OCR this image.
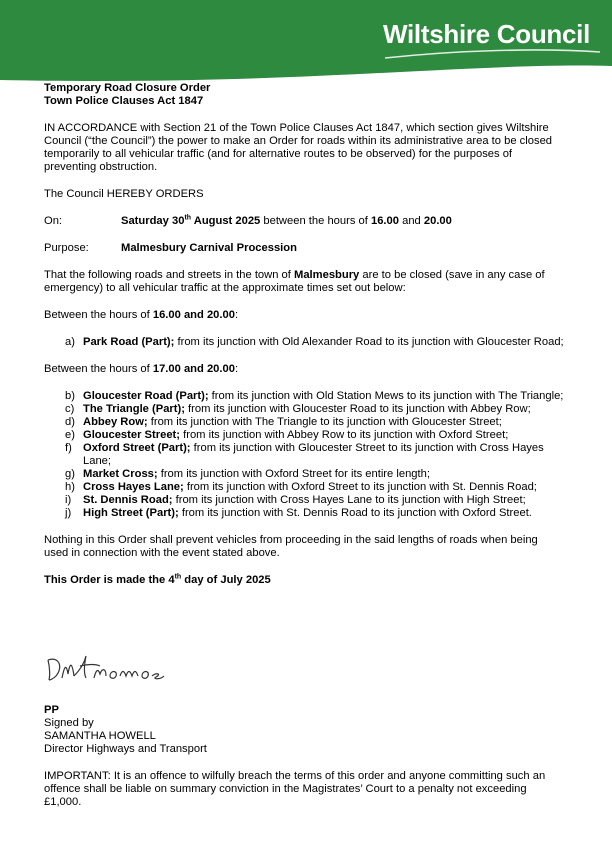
Wiltshire Council

Temporary Road Closure Order

Town Police Clauses Act 1847

IN ACCORDANCE with Section 21 of the Town Police Clauses Act 1847, which section gives Wiltshire Council (“the Council”) the power to make an Order for roads within its administrative area to be closed temporarily to all vehicular traffic (and for alternative routes to be observed) for the purposes of preventing obstruction.

The Council HEREBY ORDERS

On:	Saturday 30th August 2025 between the hours of 16.00 and 20.00
Purpose:	Malmesbury Carnival Procession

That the following roads and streets in the town of Malmesbury are to be closed (save in any case of emergency) to all vehicular traffic at the approximate times set out below:

Between the hours of 16.00 and 20.00:

a) Park Road (Part); from its junction with Old Alexander Road to its junction with Gloucester Road;

Between the hours of 17.00 and 20.00:

b) Gloucester Road (Part); from its junction with Old Station Mews to its junction with The Triangle;
c) The Triangle (Part); from its junction with Gloucester Road to its junction with Abbey Row;
d) Abbey Row; from its junction with The Triangle to its junction with Gloucester Street;
e) Gloucester Street; from its junction with Abbey Row to its junction with Oxford Street;
f) Oxford Street (Part); from its junction with Gloucester Street to its junction with Cross Hayes Lane;
g) Market Cross; from its junction with Oxford Street for its entire length;
h) Cross Hayes Lane; from its junction with Oxford Street to its junction with St. Dennis Road;
i)	St. Dennis Road; from its junction with Cross Hayes Lane to its junction with High Street;
j)	High Street (Part); from its junction with St. Dennis Road to its junction with Oxford Street.

Nothing in this Order shall prevent vehicles from proceeding in the said lengths of roads when being used in connection with the event stated above.

This Order is made the 4th day of July 2025

PP

Signed by

SAMANTHA HOWELL

Director Highways and Transport

IMPORTANT: It is an offence to wilfully breach the terms of this order and anyone committing such an offence shall be liable on summary conviction in the Magistrates’ Court to a penalty not exceeding £1,000.
